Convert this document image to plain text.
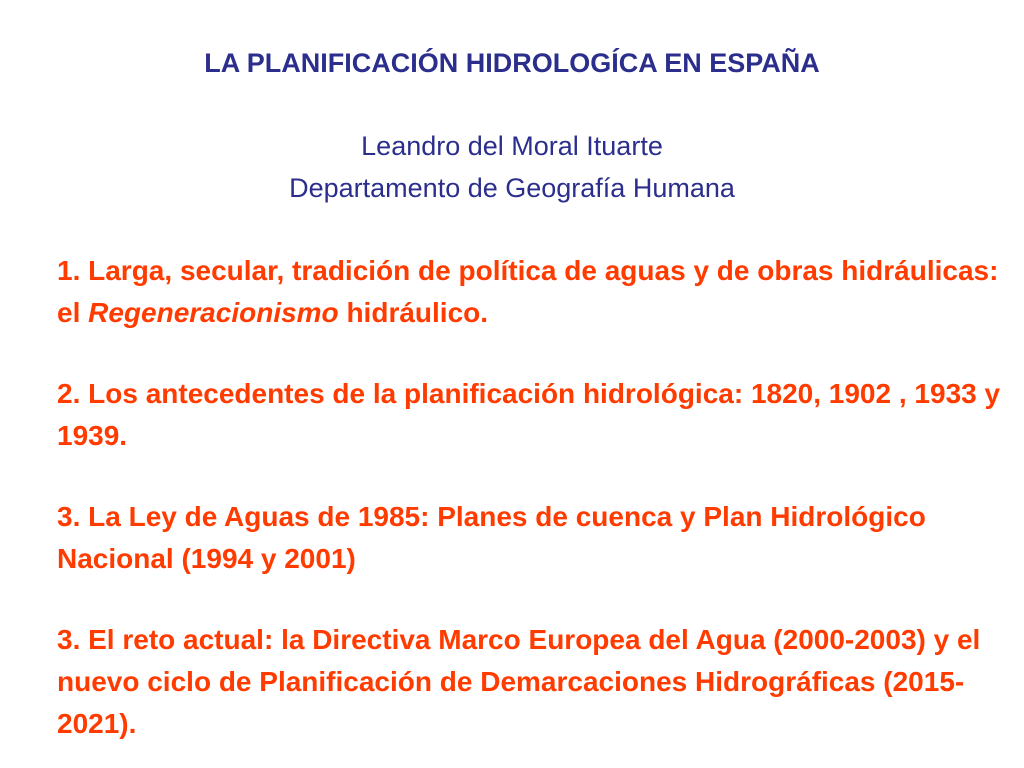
LA PLANIFICACIÓN HIDROLOGÍCA EN ESPAÑA
Leandro del Moral Ituarte
Departamento de Geografía Humana

1. Larga, secular, tradición de política de aguas y de obras hidráulicas: el Regeneracionismo hidráulico.

2. Los antecedentes de la planificación hidrológica: 1820, 1902 , 1933 y 1939.

3. La Ley de Aguas de 1985: Planes de cuenca y Plan Hidrológico Nacional (1994 y 2001)

3. El reto actual: la Directiva Marco Europea del Agua (2000-2003) y el nuevo ciclo de Planificación de Demarcaciones Hidrográficas (2015-2021).
